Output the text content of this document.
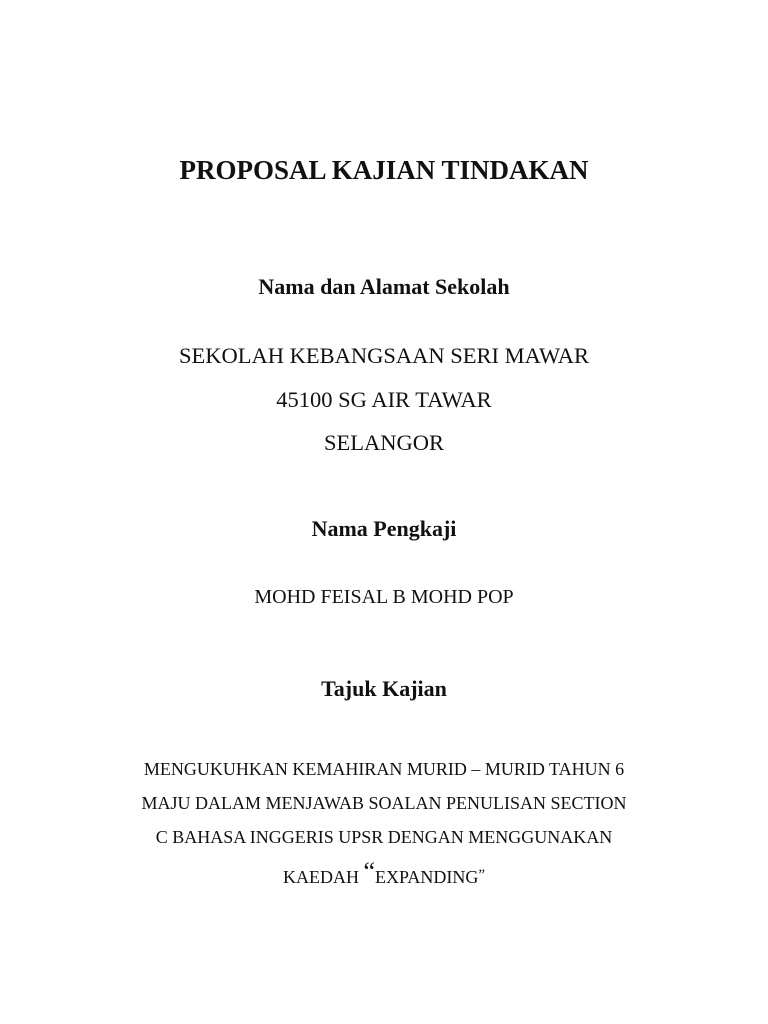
PROPOSAL KAJIAN TINDAKAN
Nama dan Alamat Sekolah
SEKOLAH KEBANGSAAN SERI MAWAR
45100 SG AIR TAWAR
SELANGOR
Nama Pengkaji
MOHD FEISAL B MOHD POP
Tajuk Kajian
MENGUKUHKAN KEMAHIRAN MURID – MURID TAHUN 6
MAJU DALAM MENJAWAB SOALAN PENULISAN SECTION
C BAHASA INGGERIS UPSR DENGAN MENGGUNAKAN
KAEDAH “EXPANDING”
